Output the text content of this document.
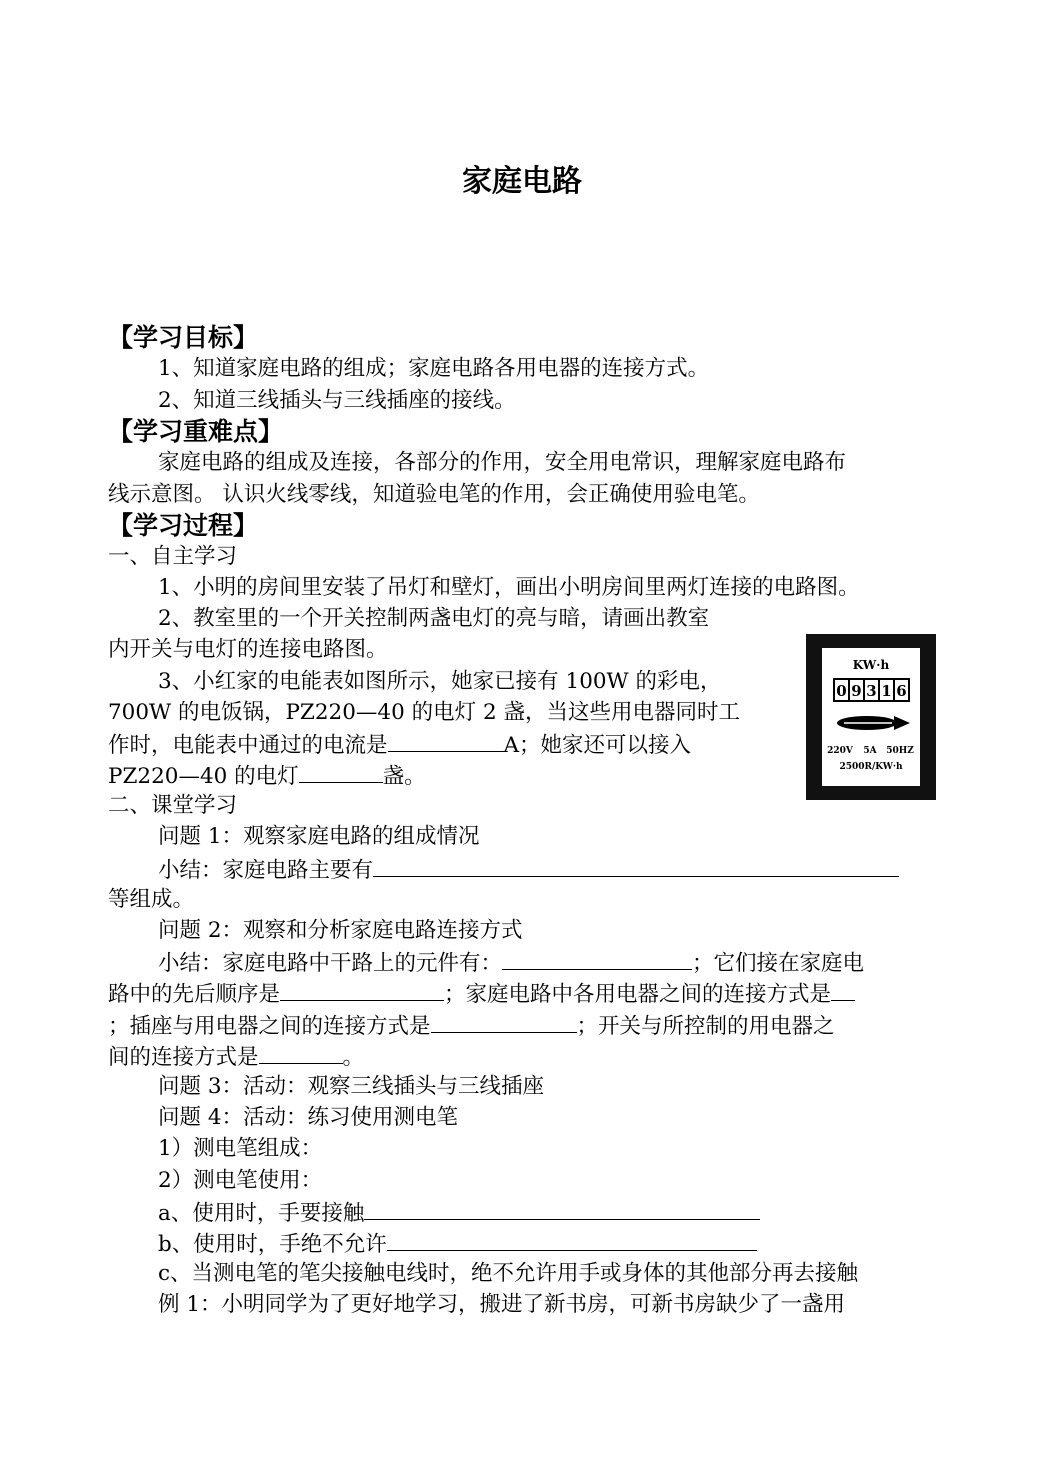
家庭电路
【学习目标】
1、知道家庭电路的组成；家庭电路各用电器的连接方式。
2、知道三线插头与三线插座的接线。
【学习重难点】
家庭电路的组成及连接，各部分的作用，安全用电常识，理解家庭电路布
线示意图。 认识火线零线，知道验电笔的作用，会正确使用验电笔。
【学习过程】
一、自主学习
1、小明的房间里安装了吊灯和壁灯，画出小明房间里两灯连接的电路图。
2、教室里的一个开关控制两盏电灯的亮与暗，请画出教室
内开关与电灯的连接电路图。
3、小红家的电能表如图所示，她家已接有 100W 的彩电，
700W 的电饭锅，PZ220—40 的电灯 2 盏，当这些用电器同时工
作时，电能表中通过的电流是	A；她家还可以接入
PZ220—40 的电灯	盏。
KW·h
0 9 3 1 6
220V 5A 50HZ
2500R/KW·h
二、课堂学习
问题 1：观察家庭电路的组成情况
小结：家庭电路主要有
等组成。
问题 2：观察和分析家庭电路连接方式
小结：家庭电路中干路上的元件有：	；它们接在家庭电
路中的先后顺序是	；家庭电路中各用电器之间的连接方式是
；插座与用电器之间的连接方式是	；开关与所控制的用电器之
间的连接方式是	。
问题 3：活动：观察三线插头与三线插座
问题 4：活动：练习使用测电笔
1）测电笔组成：
2）测电笔使用：
a、使用时，手要接触
b、使用时，手绝不允许
c、当测电笔的笔尖接触电线时，绝不允许用手或身体的其他部分再去接触
例 1：小明同学为了更好地学习，搬进了新书房，可新书房缺少了一盏用
